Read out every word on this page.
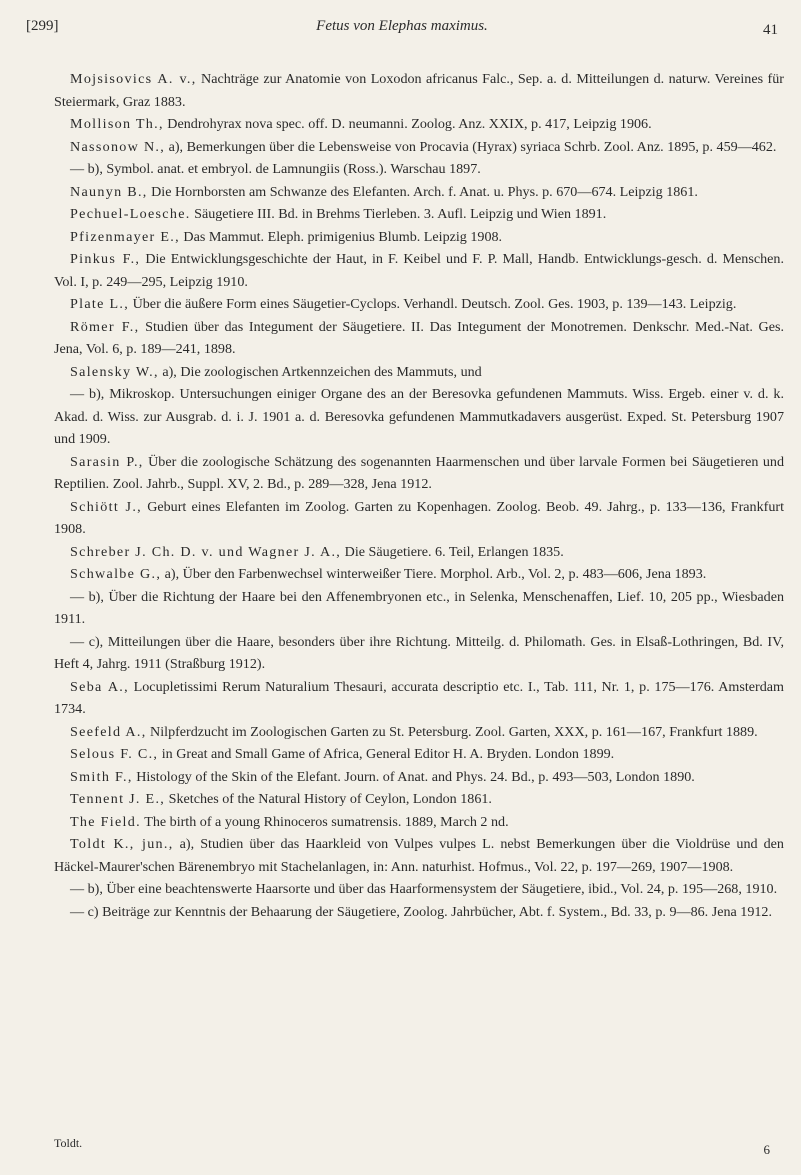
[299]	Fetus von Elephas maximus.	41

Mojsisovics A. v., Nachträge zur Anatomie von Loxodon africanus Falc., Sep. a. d. Mitteilungen d. naturw. Vereines für Steiermark, Graz 1883.

Mollison Th., Dendrohyrax nova spec. off. D. neumanni. Zoolog. Anz. XXIX, p. 417, Leipzig 1906.

Nassonow N., a), Bemerkungen über die Lebensweise von Procavia (Hyrax) syriaca Schrb. Zool. Anz. 1895, p. 459—462.

— b), Symbol. anat. et embryol. de Lamnungiis (Ross.). Warschau 1897.

Naunyn B., Die Hornborsten am Schwanze des Elefanten. Arch. f. Anat. u. Phys. p. 670—674. Leipzig 1861.

Pechuel-Loesche. Säugetiere III. Bd. in Brehms Tierleben. 3. Aufl. Leipzig und Wien 1891.

Pfizenmayer E., Das Mammut. Eleph. primigenius Blumb. Leipzig 1908.

Pinkus F., Die Entwicklungsgeschichte der Haut, in F. Keibel und F. P. Mall, Handb. Entwicklungs-gesch. d. Menschen. Vol. I, p. 249—295, Leipzig 1910.

Plate L., Über die äußere Form eines Säugetier-Cyclops. Verhandl. Deutsch. Zool. Ges. 1903, p. 139—143. Leipzig.

Römer F., Studien über das Integument der Säugetiere. II. Das Integument der Monotremen. Denkschr. Med.-Nat. Ges. Jena, Vol. 6, p. 189—241, 1898.

Salensky W., a), Die zoologischen Artkennzeichen des Mammuts, und

— b), Mikroskop. Untersuchungen einiger Organe des an der Beresovka gefundenen Mammuts. Wiss. Ergeb. einer v. d. k. Akad. d. Wiss. zur Ausgrab. d. i. J. 1901 a. d. Beresovka gefundenen Mammutkadavers ausgerüst. Exped. St. Petersburg 1907 und 1909.

Sarasin P., Über die zoologische Schätzung des sogenannten Haarmenschen und über larvale Formen bei Säugetieren und Reptilien. Zool. Jahrb., Suppl. XV, 2. Bd., p. 289—328, Jena 1912.

Schiött J., Geburt eines Elefanten im Zoolog. Garten zu Kopenhagen. Zoolog. Beob. 49. Jahrg., p. 133—136, Frankfurt 1908.

Schreber J. Ch. D. v. und Wagner J. A., Die Säugetiere. 6. Teil, Erlangen 1835.

Schwalbe G., a), Über den Farbenwechsel winterweißer Tiere. Morphol. Arb., Vol. 2, p. 483—606, Jena 1893.

— b), Über die Richtung der Haare bei den Affenembryonen etc., in Selenka, Menschenaffen, Lief. 10, 205 pp., Wiesbaden 1911.

— c), Mitteilungen über die Haare, besonders über ihre Richtung. Mitteilg. d. Philomath. Ges. in Elsaß-Lothringen, Bd. IV, Heft 4, Jahrg. 1911 (Straßburg 1912).

Seba A., Locupletissimi Rerum Naturalium Thesauri, accurata descriptio etc. I., Tab. 111, Nr. 1, p. 175—176. Amsterdam 1734.

Seefeld A., Nilpferdzucht im Zoologischen Garten zu St. Petersburg. Zool. Garten, XXX, p. 161—167, Frankfurt 1889.

Selous F. C., in Great and Small Game of Africa, General Editor H. A. Bryden. London 1899.

Smith F., Histology of the Skin of the Elefant. Journ. of Anat. and Phys. 24. Bd., p. 493—503, London 1890.

Tennent J. E., Sketches of the Natural History of Ceylon, London 1861.

The Field. The birth of a young Rhinoceros sumatrensis. 1889, March 2 nd.

Toldt K., jun., a), Studien über das Haarkleid von Vulpes vulpes L. nebst Bemerkungen über die Violdrüse und den Häckel-Maurer'schen Bärenembryo mit Stachelanlagen, in: Ann. naturhist. Hofmus., Vol. 22, p. 197—269, 1907—1908.

— b), Über eine beachtenswerte Haarsorte und über das Haarformensystem der Säugetiere, ibid., Vol. 24, p. 195—268, 1910.

— c) Beiträge zur Kenntnis der Behaarung der Säugetiere, Zoolog. Jahrbücher, Abt. f. System., Bd. 33, p. 9—86. Jena 1912.

Toldt.	6
